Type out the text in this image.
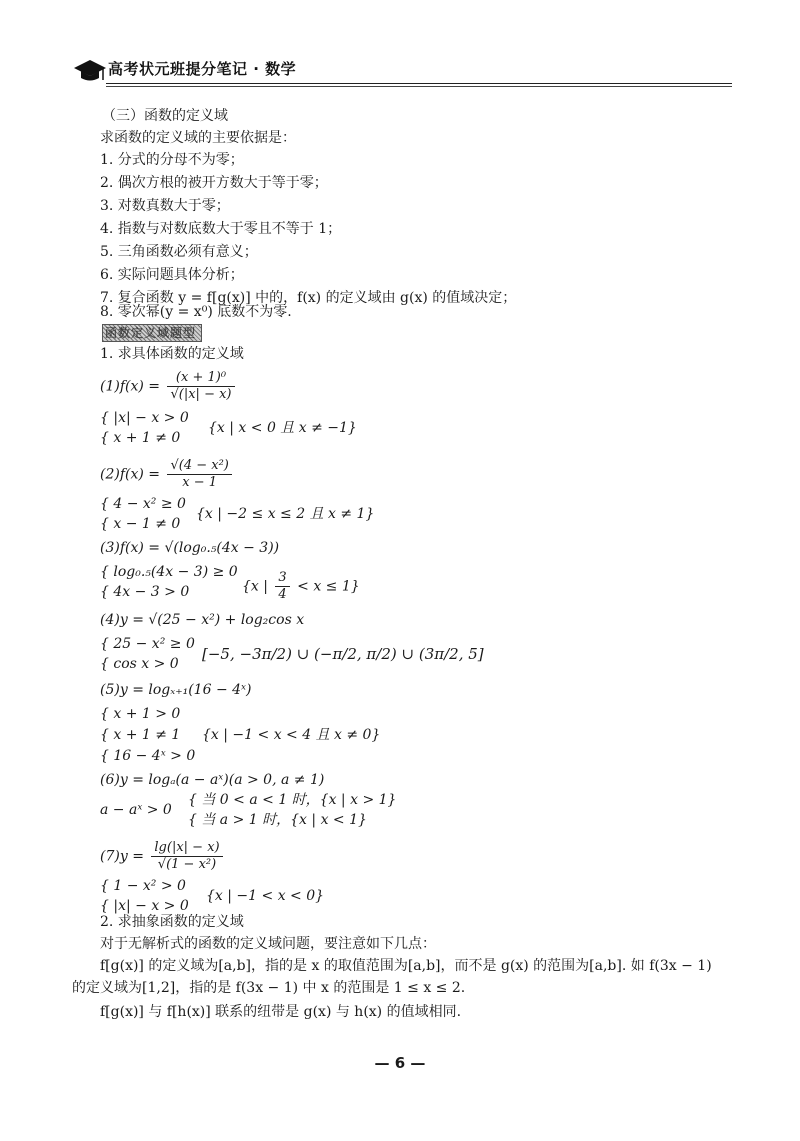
高考状元班提分笔记 · 数学
（三）函数的定义域
求函数的定义域的主要依据是：
1. 分式的分母不为零；
2. 偶次方根的被开方数大于等于零；
3. 对数真数大于零；
4. 指数与对数底数大于零且不等于 1；
5. 三角函数必须有意义；
6. 实际问题具体分析；
7. 复合函数 y = f[g(x)] 中的，f(x) 的定义域由 g(x) 的值域决定；
8. 零次幂(y = x⁰) 底数不为零.
函数定义域题型
1. 求具体函数的定义域
$(1)f(x) = \frac{\text{(x + 1)⁰}}{√(|x| - x)}$
{ |x| − x > 0
{ x + 1 ≠ 0
{x | x < 0 且 x ≠ −1}
$(2)f(x) = \frac{\text{√(4 − x²)}}{x - 1}$
{ 4 − x² ≥ 0
{ x − 1 ≠ 0
{x | −2 ≤ x ≤ 2 且 x ≠ 1}
(3)f(x) = √(log₀.₅(4x − 3))
{ log₀.₅(4x − 3) ≥ 0
{ 4x − 3 > 0	{x | $\frac{3}{4} < x \le 1$}
(4)y = √(25 − x²) + log₂cos x
{ 25 − x² ≥ 0
{ cos x > 0
[−5, −3π/2) ∪ (−π/2, π/2) ∪ (3π/2, 5]
(5)y = logₓ₊₁(16 − 4ˣ)
{ x + 1 > 0
{ x + 1 ≠ 1
{ 16 − 4ˣ > 0
{x | −1 < x < 4 且 x ≠ 0}
(6)y = logₐ(a − aˣ)(a > 0, a ≠ 1)
a − aˣ > 0
{ 当 0 < a < 1 时，{x | x > 1}
{ 当 a > 1 时，{x | x < 1}
$(7)y = \frac{\lg(|x| - x)}{\text{√(1 − x²)}}$
{ 1 − x² > 0
{ |x| − x > 0
{x | −1 < x < 0}
2. 求抽象函数的定义域
对于无解析式的函数的定义域问题，要注意如下几点：
f[g(x)] 的定义域为[a,b]，指的是 x 的取值范围为[a,b]，而不是 g(x) 的范围为[a,b]. 如 f(3x − 1) 的定义域为[1,2]，指的是 f(3x − 1) 中 x 的范围是 1 ≤ x ≤ 2.
f[g(x)] 与 f[h(x)] 联系的纽带是 g(x) 与 h(x) 的值域相同.
— 6 —
